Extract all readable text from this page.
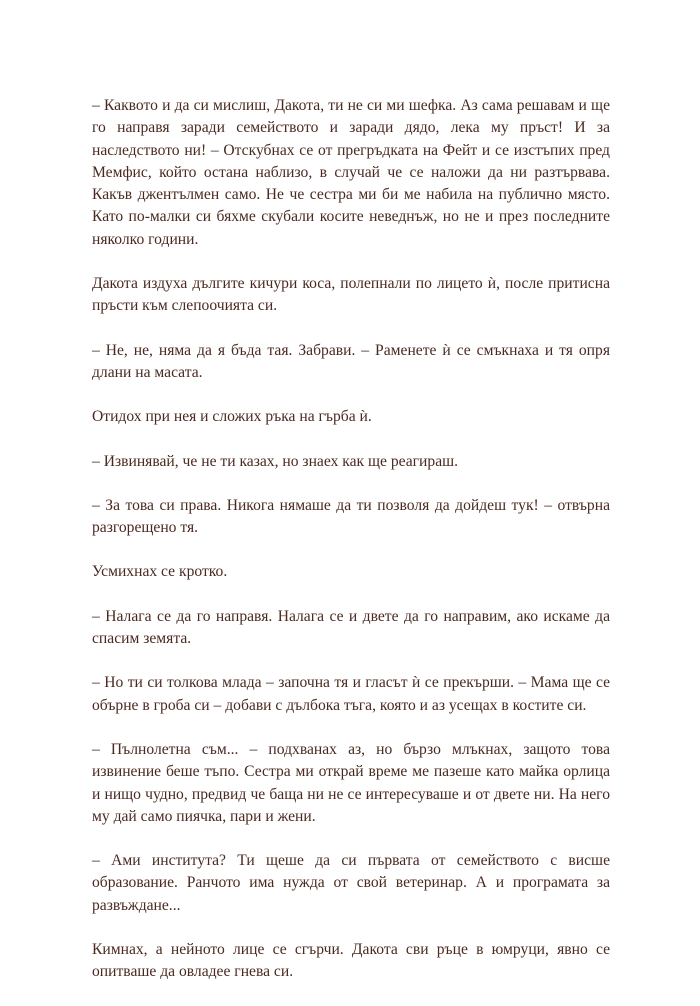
– Каквото и да си мислиш, Дакота, ти не си ми шефка. Аз сама решавам и ще го направя заради семейството и заради дядо, лека му пръст! И за наследството ни! – Отскубнах се от прегръдката на Фейт и се изстъпих пред Мемфис, който остана наблизо, в случай че се наложи да ни разтървава. Какъв джентълмен само. Не че сестра ми би ме набила на публично място. Като по-малки си бяхме скубали косите неведнъж, но не и през последните няколко години.

Дакота издуха дългите кичури коса, полепнали по лицето ѝ, после притисна пръсти към слепоочията си.

– Не, не, няма да я бъда тая. Забрави. – Раменете ѝ се смъкнаха и тя опря длани на масата.

Отидох при нея и сложих ръка на гърба ѝ.

– Извинявай, че не ти казах, но знаех как ще реагираш.

– За това си права. Никога нямаше да ти позволя да дойдеш тук! – отвърна разгорещено тя.

Усмихнах се кротко.

– Налага се да го направя. Налага се и двете да го направим, ако искаме да спасим земята.

– Но ти си толкова млада – започна тя и гласът ѝ се прекърши. – Мама ще се обърне в гроба си – добави с дълбока тъга, която и аз усещах в костите си.

– Пълнолетна съм... – подхванах аз, но бързо млъкнах, защото това извинение беше тъпо. Сестра ми открай време ме пазеше като майка орлица и нищо чудно, предвид че баща ни не се интересуваше и от двете ни. На него му дай само пиячка, пари и жени.

– Ами института? Ти щеше да си първата от семейството с висше образование. Ранчото има нужда от свой ветеринар. А и програмата за развъждане...

Кимнах, а нейното лице се сгърчи. Дакота сви ръце в юмруци, явно се опитваше да овладее гнева си.
